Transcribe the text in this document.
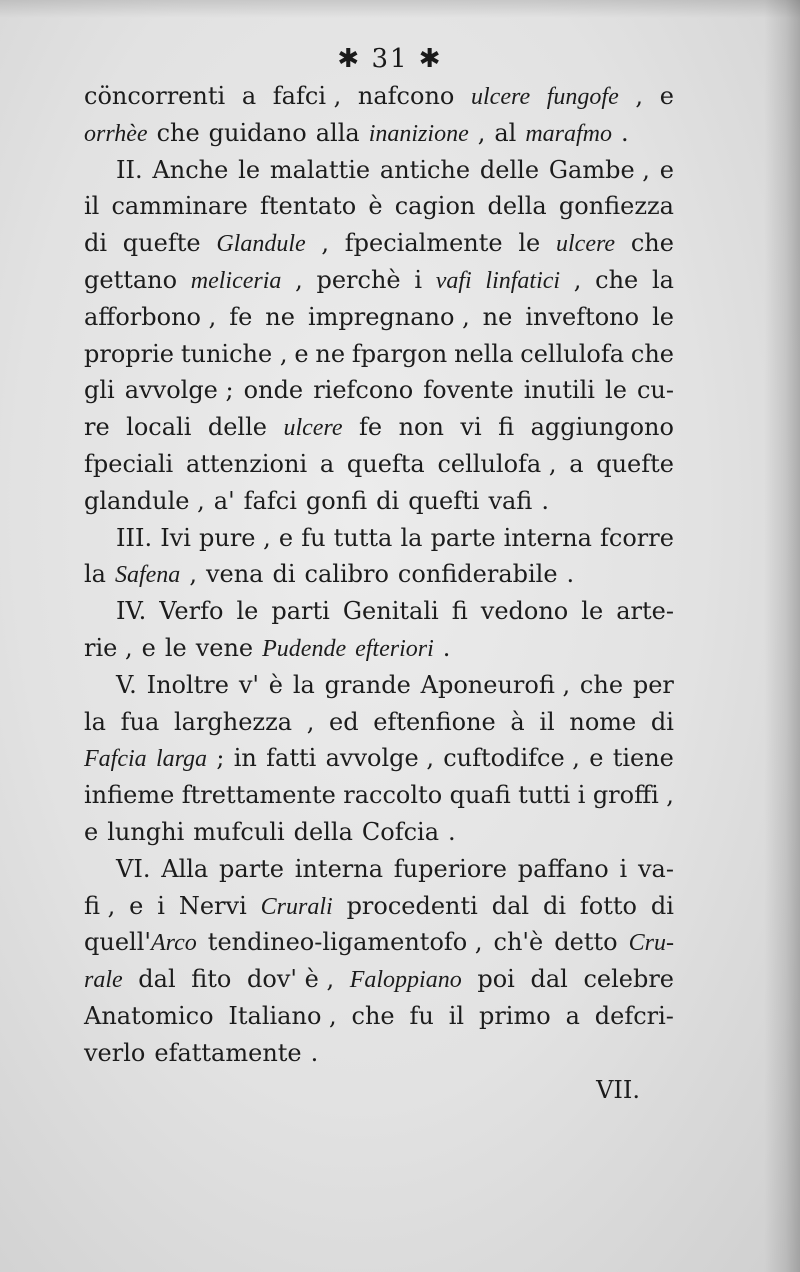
✱ 31 ✱
cöncorrenti a fafci , nafcono ulcere fungofe , e
orrhèe che guidano alla inanizione , al marafmo .
II. Anche le malattie antiche delle Gambe , e
il camminare ftentato è cagion della gonfiezza
di quefte Glandule , fpecialmente le ulcere che
gettano meliceria , perchè i vafi linfatici , che la
afforbono , fe ne impregnano , ne inveftono le
proprie tuniche , e ne fpargon nella cellulofa che
gli avvolge ; onde riefcono fovente inutili le cu-
re locali delle ulcere fe non vi fi aggiungono
fpeciali attenzioni a quefta cellulofa , a quefte
glandule , a' fafci gonfi di quefti vafi .
III. Ivi pure , e fu tutta la parte interna fcorre
la Safena , vena di calibro confiderabile .
IV. Verfo le parti Genitali fi vedono le arte-
rie , e le vene Pudende efteriori .
V. Inoltre v' è la grande Aponeurofi , che per
la fua larghezza , ed eftenfione à il nome di
Fafcia larga ; in fatti avvolge , cuftodifce , e tiene
infieme ftrettamente raccolto quafi tutti i groffi ,
e lunghi mufculi della Cofcia .
VI. Alla parte interna fuperiore paffano i va-
fi , e i Nervi Crurali procedenti dal di fotto di
quell'Arco tendineo-ligamentofo , ch'è detto Cru-
rale dal fito dov' è , Faloppiano poi dal celebre
Anatomico Italiano , che fu il primo a defcri-
verlo efattamente .
VII.
